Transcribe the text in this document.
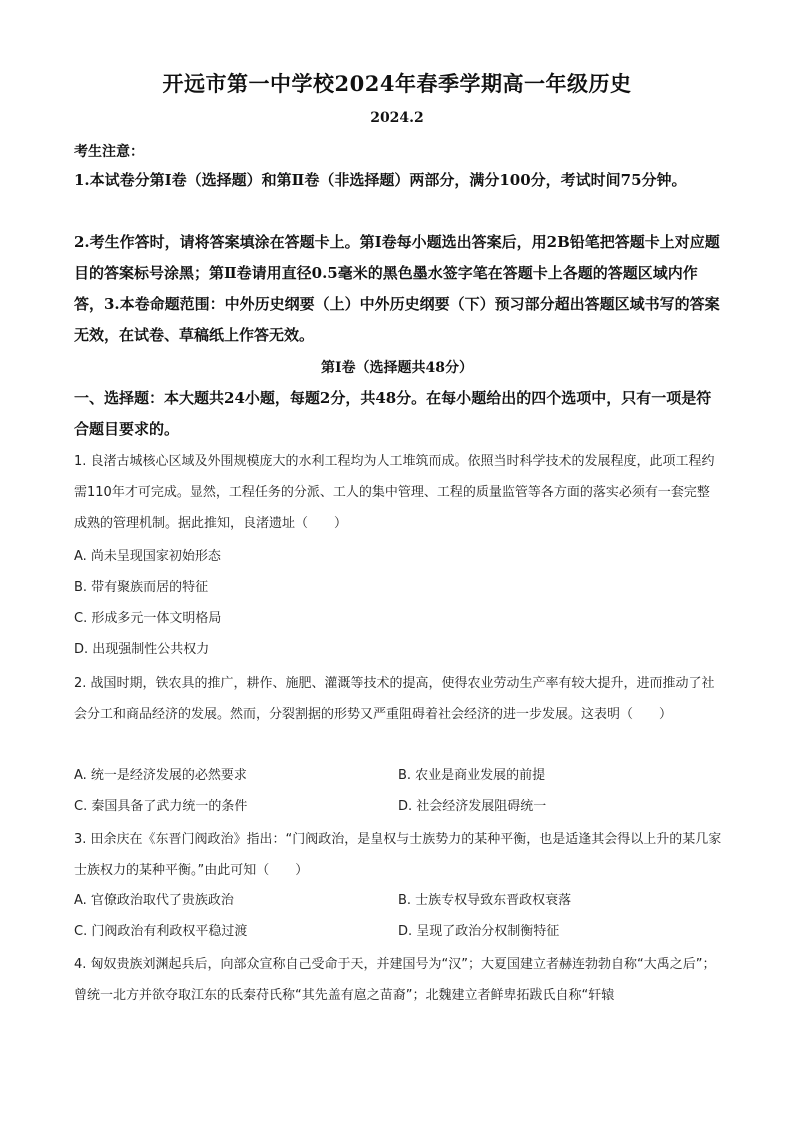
开远市第一中学校2024年春季学期高一年级历史
2024.2
考生注意：
1.本试卷分第Ⅰ卷（选择题）和第Ⅱ卷（非选择题）两部分，满分100分，考试时间75分钟。
2.考生作答时，请将答案填涂在答题卡上。第Ⅰ卷每小题选出答案后，用2B铅笔把答题卡上对应题目的答案标号涂黑；第Ⅱ卷请用直径0.5毫米的黑色墨水签字笔在答题卡上各题的答题区域内作答，3.本卷命题范围：中外历史纲要（上）中外历史纲要（下）预习部分超出答题区域书写的答案无效，在试卷、草稿纸上作答无效。
第Ⅰ卷（选择题共48分）
一、选择题：本大题共24小题，每题2分，共48分。在每小题给出的四个选项中，只有一项是符合题目要求的。
1. 良渚古城核心区域及外围规模庞大的水利工程均为人工堆筑而成。依照当时科学技术的发展程度，此项工程约需110年才可完成。显然，工程任务的分派、工人的集中管理、工程的质量监管等各方面的落实必须有一套完整成熟的管理机制。据此推知，良渚遗址（　　）
A. 尚未呈现国家初始形态
B. 带有聚族而居的特征
C. 形成多元一体文明格局
D. 出现强制性公共权力
2. 战国时期，铁农具的推广，耕作、施肥、灌溉等技术的提高，使得农业劳动生产率有较大提升，进而推动了社会分工和商品经济的发展。然而，分裂割据的形势又严重阻碍着社会经济的进一步发展。这表明（　　）
A. 统一是经济发展的必然要求	B. 农业是商业发展的前提
C. 秦国具备了武力统一的条件	D. 社会经济发展阻碍统一
3. 田余庆在《东晋门阀政治》指出：“门阀政治，是皇权与士族势力的某种平衡，也是适逢其会得以上升的某几家士族权力的某种平衡。”由此可知（　　）
A. 官僚政治取代了贵族政治	B. 士族专权导致东晋政权衰落
C. 门阀政治有利政权平稳过渡	D. 呈现了政治分权制衡特征
4. 匈奴贵族刘渊起兵后，向部众宣称自己受命于天，并建国号为“汉”；大夏国建立者赫连勃勃自称“大禹之后”；曾统一北方并欲夺取江东的氐秦苻氏称“其先盖有扈之苗裔”；北魏建立者鲜卑拓跋氏自称“轩辕
